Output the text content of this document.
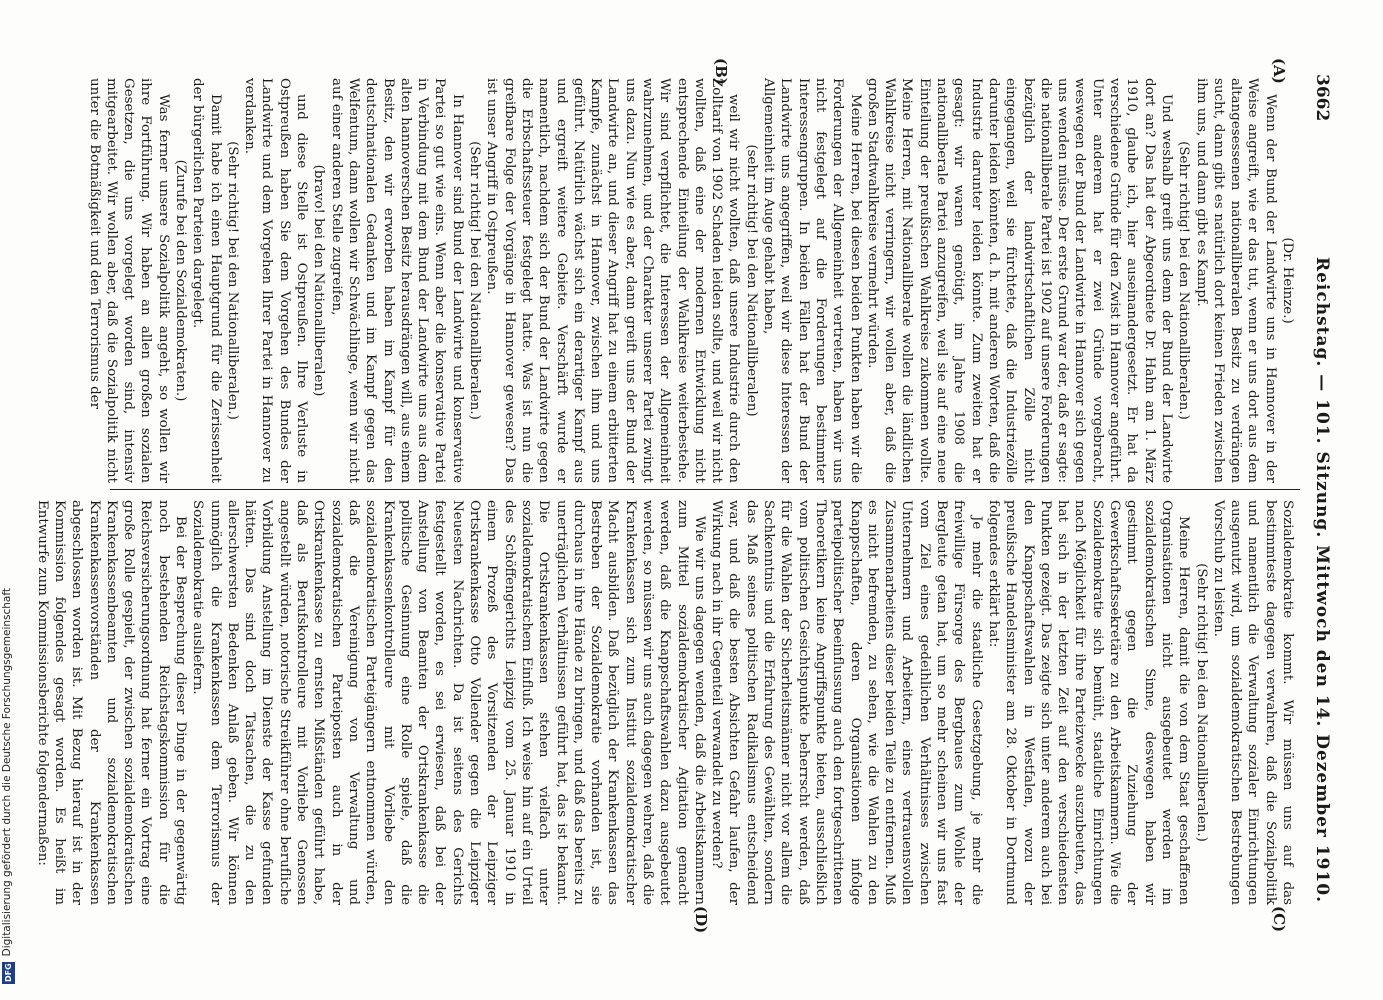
3662
Reichstag. — 101. Sitzung. Mittwoch den 14. Dezember 1910.

(Dr. Heinze.)

Wenn der Bund der Landwirte uns in Hannover in der Weise angreift, wie er das tut, wenn er uns dort aus dem altangesessenen nationalliberalen Besitz zu verdrängen sucht, dann gibt es natürlich dort keinen Frieden zwischen ihm uns, und dann gibt es Kampf.

(Sehr richtig! bei den Nationalliberalen.)

Und weshalb greift uns denn der Bund der Landwirte dort an? Das hat der Abgeordnete Dr. Hahn am 1. März 1910, glaube ich, hier auseinandergesetzt. Er hat da verschiedene Gründe für den Zwist in Hannover angeführt. Unter anderem hat er zwei Gründe vorgebracht, weswegen der Bund der Landwirte in Hannover sich gegen uns wenden müsse. Der erste Grund war der, daß er sagte: die nationalliberale Partei ist 1902 auf unsere Forderungen bezüglich der landwirtschaftlichen Zölle nicht eingegangen, weil sie fürchtete, daß die Industriezölle darunter leiden könnten, d. h. mit anderen Worten, daß die Industrie darunter leiden könnte. Zum zweiten hat er gesagt: wir waren genötigt, im Jahre 1908 die nationalliberale Partei anzugreifen, weil sie auf eine neue Einteilung der preußischen Wahlkreise zukommen wollte. Meine Herren, mit Nationalliberale wollen die ländlichen Wahlkreise nicht verringern, wir wollen aber, daß die großen Stadtwahlkreise vermehrt würden.

Meine Herren, bei diesen beiden Punkten haben wir die Forderungen der Allgemeinheit vertreten, haben wir uns nicht festgelegt auf die Forderungen bestimmter Interessengruppen. In beiden Fällen hat der Bund der Landwirte uns angegriffen, weil wir diese Interessen der Allgemeinheit im Auge gehabt haben,

(sehr richtig! bei den Nationalliberalen)

weil wir nicht wollten, daß unsere Industrie durch den Zolltarif von 1902 Schaden leiden sollte, und weil wir nicht wollten, daß eine der modernen Entwicklung nicht entsprechende Einteilung der Wahlkreise weiterbestehe. Wir sind verpflichtet, die Interessen der Allgemeinheit wahrzunehmen, und der Charakter unserer Partei zwingt uns dazu. Nun wie es aber, dann greift uns der Bund der Landwirte an, und dieser Angriff hat zu einem erbitterten Kampfe, zunächst in Hannover, zwischen ihm und uns geführt. Natürlich wächst sich ein derartiger Kampf aus und ergreift weitere Gebiete. Verschärft wurde er namentlich, nachdem sich der Bund der Landwirte gegen die Erbschaftssteuer festgelegt hatte. Was ist nun die greifbare Folge der Vorgänge in Hannover gewesen? Das ist unser Angriff in Ostpreußen.

(Sehr richtig! bei den Nationalliberalen.)

In Hannover sind Bund der Landwirte und konservative Partei so gut wie eins. Wenn aber die konservative Partei in Verbindung mit dem Bund der Landwirte uns aus dem alten hannoverschen Besitz herausdrängen will, aus einem Besitz, den wir erworben haben im Kampf für den deutschnationalen Gedanken und im Kampf gegen das Welfentum, dann wollen wir Schwächlinge, wenn wir nicht auf einer anderen Stelle zugreifen,

(bravo! bei den Nationalliberalen)

und diese Stelle ist Ostpreußen. Ihre Verluste in Ostpreußen haben Sie dem Vorgehen des Bundes der Landwirte und dem Vorgehen Ihrer Partei in Hannover zu verdanken.

(Sehr richtig! bei den Nationalliberalen.)

Damit habe ich einen Hauptgrund für die Zerissenheit der bürgerlichen Parteien dargelegt.

(Zurufe bei den Sozialdemokraten.)

Was ferner unsere Sozialpolitik angeht, so wollen wir ihre Fortführung. Wir haben an allen großen sozialen Gesetzen, die uns vorgelegt worden sind, intensiv mitgearbeitet. Wir wollen aber, daß die Sozialpolitik nicht unter die Botmäßigkeit und den Terrorismus der

Sozialdemokratie kommt. Wir müssen uns auf das bestimmteste dagegen verwahren, daß die Sozialpolitik und namentlich die Verwaltung sozialer Einrichtungen ausgenutzt wird, um sozialdemokratischen Bestrebungen Vorschub zu leisten.

(Sehr richtig! bei den Nationalliberalen.)

Meine Herren, damit die von dem Staat geschaffenen Organisationen nicht ausgebeutet werden im sozialdemokratischen Sinne, deswegen haben wir gestimmt gegen die Zuziehung der Gewerkschaftssekretäre zu den Arbeitskammern. Wie die Sozialdemokratie sich bemüht, staatliche Einrichtungen nach Möglichkeit für ihre Parteizwecke auszubeuten, das hat sich in der letzten Zeit auf den verschiedensten Punkten gezeigt. Das zeigte sich unter anderem auch bei den Knappschaftswahlen in Westfalen, wozu der preußische Handelsminister am 28. Oktober in Dortmund folgendes erklärt hat:

Je mehr die staatliche Gesetzgebung, je mehr die freiwillige Fürsorge des Bergbaues zum Wohle der Bergleute getan hat, um so mehr scheinen wir uns fast vom Ziel eines gedeihlichen Verhältnisses zwischen Unternehmern und Arbeitern, eines vertrauensvollen Zusammenarbeitens dieser beiden Teile zu entfernen. Muß es nicht befremden, zu sehen, wie die Wahlen zu den Knappschaften, deren Organisationen infolge parteipolitischer Beeinflussung auch den fortgeschrittenen Theoretikern keine Angriffspunkte bieten, ausschließlich vom politischen Gesichtspunkte beherrscht werden, daß für die Wahlen der Sicherheitsmänner nicht vor allem die Sachkenntnis und die Erfahrung des Gewählten, sondern das Maß seines politischen Radikalismus entscheidend war, und daß die besten Absichten Gefahr laufen, der Wirkung nach in ihr Gegenteil verwandelt zu werden?

Wie wir uns dagegen wenden, daß die Arbeitskammern zum Mittel sozialdemokratischer Agitation gemacht werden, daß die Knappschaftswahlen dazu ausgebeutet werden, so müssen wir uns auch dagegen wehren, daß die Krankenkassen sich zum Institut sozialdemokratischer Macht ausbilden. Daß bezüglich der Krankenkassen das Bestreben der Sozialdemokratie vorhanden ist, sie durchaus in ihre Hände zu bringen, und daß das bereits zu unerträglichen Verhältnissen geführt hat, das ist bekannt. Die Ortskrankenkassen stehen vielfach unter sozialdemokratischem Einfluß. Ich weise hin auf ein Urteil des Schöffengerichts Leipzig vom 25. Januar 1910 in einem Prozeß des Vorsitzenden der Leipziger Ortskrankenkasse Otto Vollender gegen die Leipziger Neuesten Nachrichten. Da ist seitens des Gerichts festgestellt worden, es sei erwiesen, daß bei der Anstellung von Beamten der Ortskrankenkasse die politische Gesinnung eine Rolle spiele, daß die Krankenkassenkontrolleure mit Vorliebe den sozialdemokratischen Parteigängern entnommen würden, daß die Vereinigung von Verwaltung und sozialdemokratischen Parteiposten auch in der Ortskrankenkasse zu ernsten Mißständen geführt habe, daß als Berufskontrolleure mit Vorliebe Genossen angestellt würden, notorische Streikführer ohne berufliche Vorbildung Anstellung im Dienste der Kasse gefunden hätten. Das sind doch Tatsachen, die zu den allerschwersten Bedenken Anlaß geben. Wir können unmöglich die Krankenkassen dem Terrorismus der Sozialdemokratie ausliefern.

Bei der Besprechung dieser Dinge in der gegenwärtig noch bestehenden Reichstagskommission für die Reichsversicherungsordnung hat ferner ein Vortrag eine große Rolle gespielt, der zwischen sozialdemokratischen Krankenkassenbeamten und sozialdemokratischen Krankenkassenvorständen der Krankenkassen abgeschlossen worden ist. Mit Bezug hierauf ist in der Kommission folgendes gesagt worden. Es heißt im Entwurfe zum Kommissionsberichte folgendermaßen:

(A)
(B)
(C)
(D)
Digitalisierung gefördert durch die Deutsche Forschungsgemeinschaft
DFG
